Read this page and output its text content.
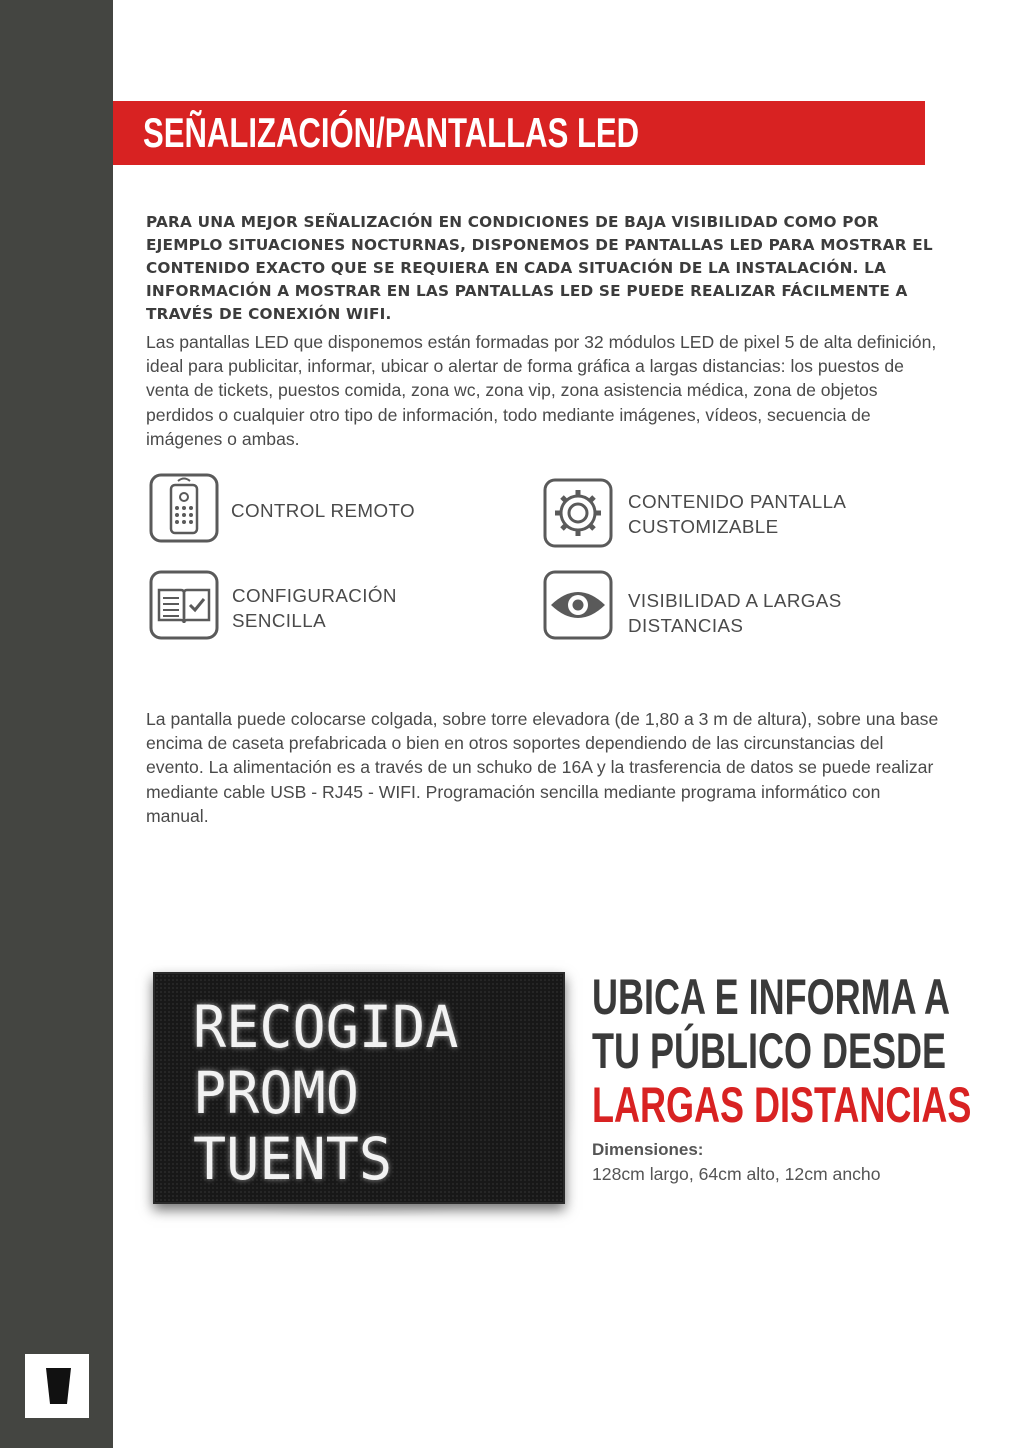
SEÑALIZACIÓN/PANTALLAS LED

PARA UNA MEJOR SEÑALIZACIÓN EN CONDICIONES DE BAJA VISIBILIDAD COMO POR EJEMPLO SITUACIONES NOCTURNAS, DISPONEMOS DE PANTALLAS LED PARA MOSTRAR EL CONTENIDO EXACTO QUE SE REQUIERA EN CADA SITUACIÓN DE LA INSTALACIÓN. LA INFORMACIÓN A MOSTRAR EN LAS PANTALLAS LED SE PUEDE REALIZAR FÁCILMENTE A TRAVÉS DE CONEXIÓN WIFI.

Las pantallas LED que disponemos están formadas por 32 módulos LED de pixel 5 de alta definición, ideal para publicitar, informar, ubicar o alertar de forma gráfica a largas distancias: los puestos de venta de tickets, puestos comida, zona wc, zona vip, zona asistencia médica, zona de objetos perdidos o cualquier otro tipo de información, todo mediante imágenes, vídeos, secuencia de imágenes o ambas.

CONTROL REMOTO	CONTENIDO PANTALLA
CUSTOMIZABLE
CONFIGURACIÓN
SENCILLA
VISIBILIDAD A LARGAS
DISTANCIAS

La pantalla puede colocarse colgada, sobre torre elevadora (de 1,80 a 3 m de altura), sobre una base encima de caseta prefabricada o bien en otros soportes dependiendo de las circunstancias del evento. La alimentación es a través de un schuko de 16A y la trasferencia de datos se puede realizar mediante cable USB - RJ45 - WIFI. Programación sencilla mediante programa informático con manual.

RECOGIDA
PROMO
TUENTS
UBICA E INFORMA A
TU PÚBLICO DESDE
LARGAS DISTANCIAS
Dimensiones:
128cm largo, 64cm alto, 12cm ancho
